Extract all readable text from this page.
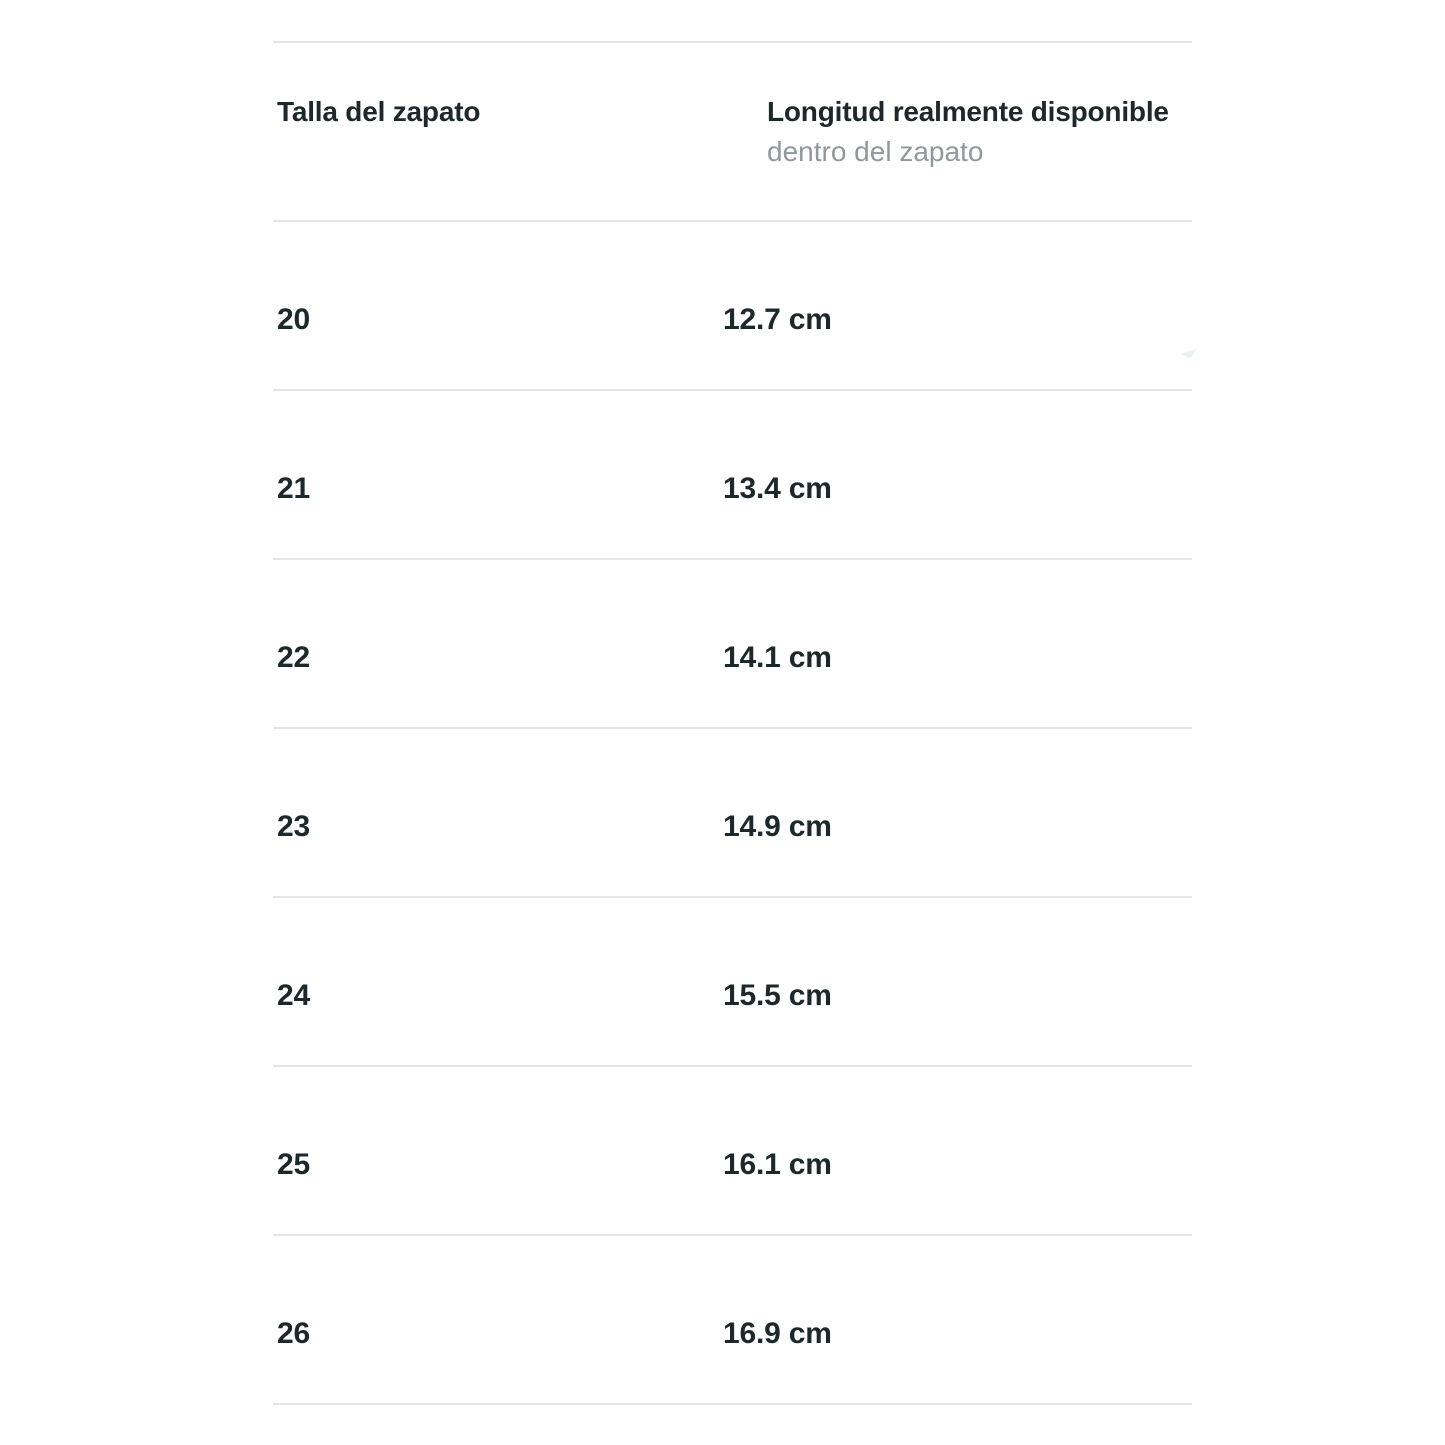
Talla del zapato	Longitud realmente disponible
dentro del zapato
20	12.7 cm
21	13.4 cm
22	14.1 cm
23	14.9 cm
24	15.5 cm
25	16.1 cm
26	16.9 cm
